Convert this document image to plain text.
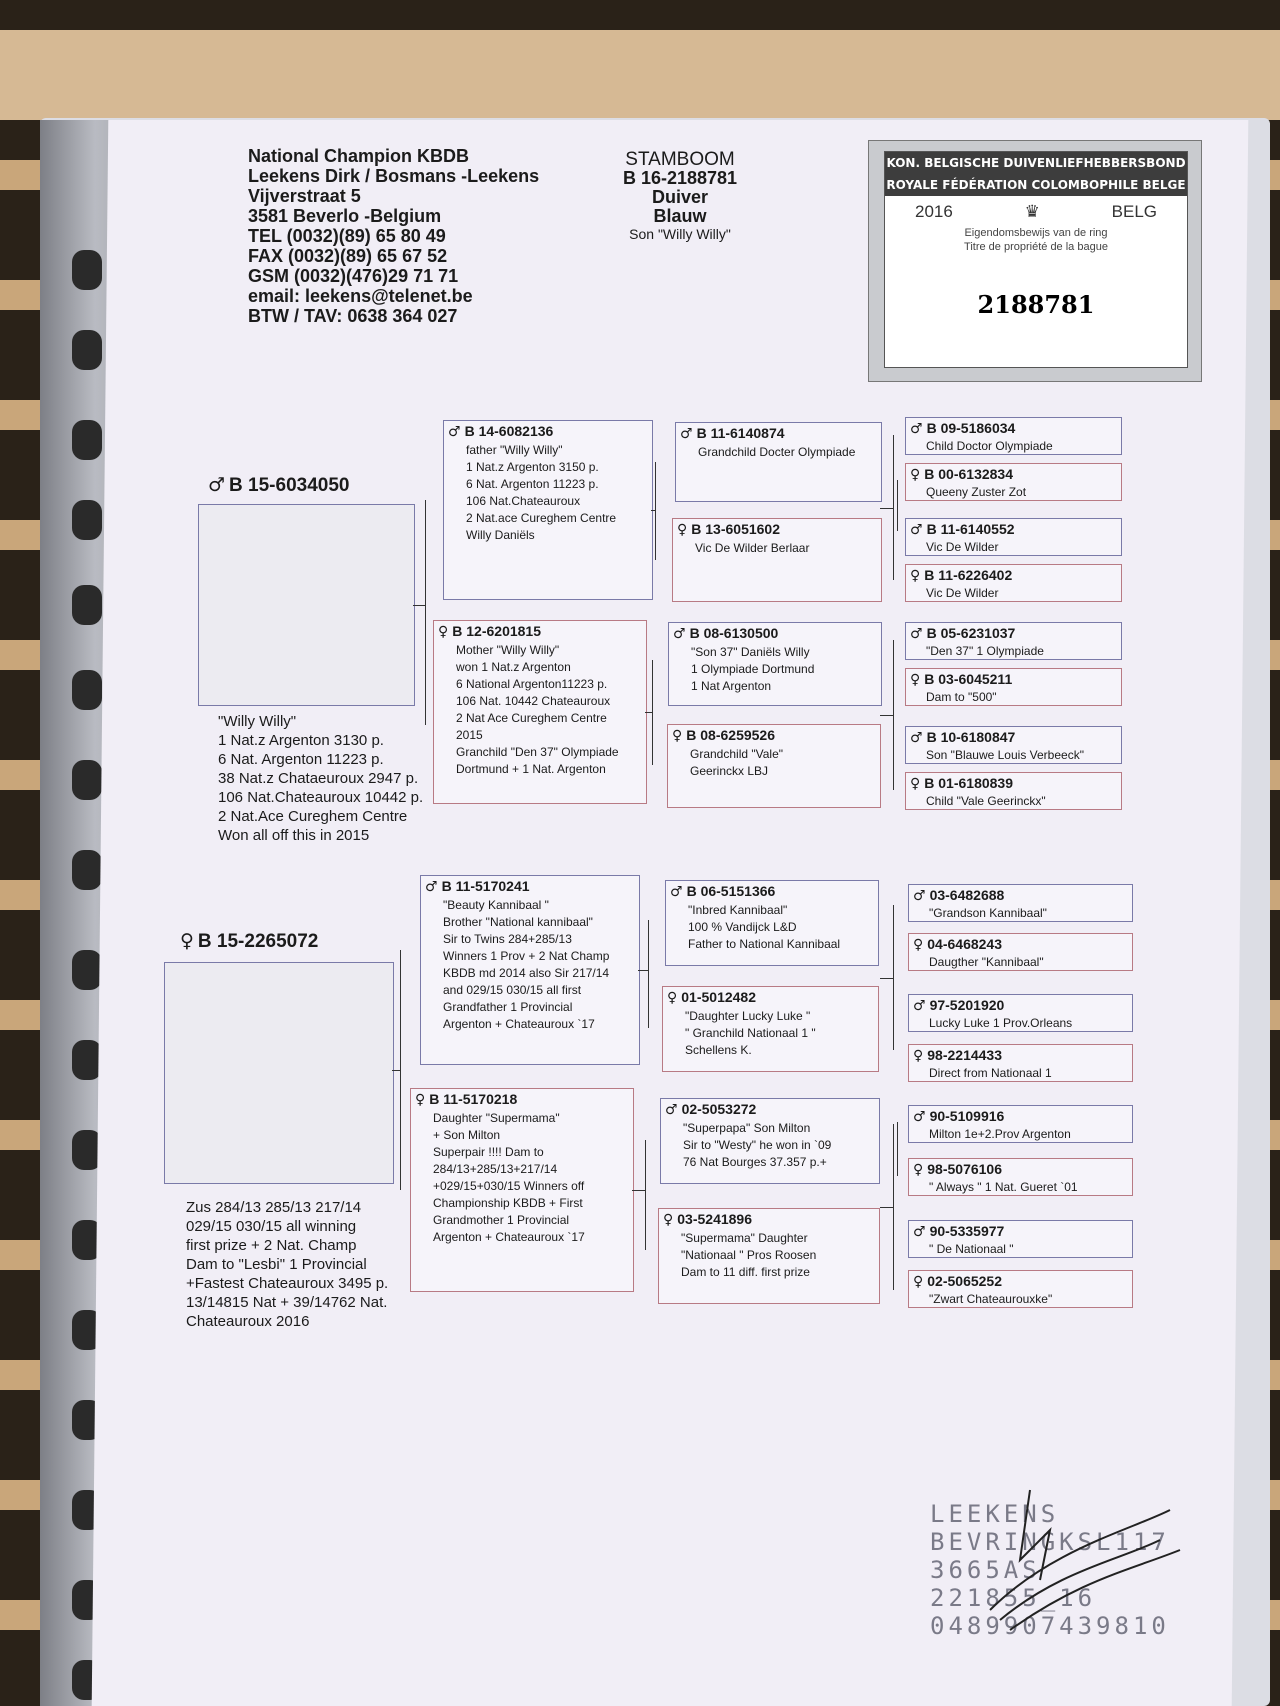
National Champion KBDB
Leekens Dirk / Bosmans -Leekens
Vijverstraat 5
3581 Beverlo -Belgium
TEL (0032)(89) 65 80 49
FAX (0032)(89) 65 67 52
GSM (0032)(476)29 71 71
email: leekens@telenet.be
BTW / TAV: 0638 364 027
STAMBOOM
B 16-2188781
Duiver
Blauw
Son "Willy Willy"
KON. BELGISCHE DUIVENLIEFHEBBERSBOND
ROYALE FÉDÉRATION COLOMBOPHILE BELGE
2016	♛	BELG
Eigendomsbewijs van de ring
Titre de propriété de la bague
2188781
♂ B 15-6034050
"Willy Willy"
1 Nat.z Argenton 3130 p.
6 Nat. Argenton 11223 p.
38 Nat.z Chataeuroux 2947 p.
106 Nat.Chateauroux 10442 p.
2 Nat.Ace Cureghem Centre
Won all off this in 2015
♀ B 15-2265072
Zus 284/13 285/13 217/14
029/15 030/15 all winning
first prize + 2 Nat. Champ
Dam to "Lesbi" 1 Provincial
+Fastest Chateauroux 3495 p.
13/14815 Nat + 39/14762 Nat.
Chateauroux 2016
♂ B 14-6082136
father "Willy Willy"
1 Nat.z Argenton 3150 p.
6 Nat. Argenton 11223 p.
106 Nat.Chateauroux
2 Nat.ace Cureghem Centre
Willy Daniëls
♀ B 12-6201815
Mother "Willy Willy"
won 1 Nat.z Argenton
6 National Argenton11223 p.
106 Nat. 10442 Chateauroux
2 Nat Ace Cureghem Centre
2015
Granchild "Den 37" Olympiade
Dortmund + 1 Nat. Argenton
♂ B 11-5170241
"Beauty Kannibaal "
Brother "National kannibaal"
Sir to Twins 284+285/13
Winners 1 Prov + 2 Nat Champ
KBDB md 2014 also Sir 217/14
and 029/15 030/15 all first
Grandfather 1 Provincial
Argenton + Chateauroux `17
♀ B 11-5170218
Daughter "Supermama"
+ Son Milton
Superpair !!!! Dam to
284/13+285/13+217/14
+029/15+030/15 Winners off
Championship KBDB + First
Grandmother 1 Provincial
Argenton + Chateauroux `17
♂ B 11-6140874
Grandchild Docter Olympiade
♀ B 13-6051602
Vic De Wilder Berlaar
♂ B 08-6130500
"Son 37" Daniëls Willy
1 Olympiade Dortmund
1 Nat Argenton
♀ B 08-6259526
Grandchild "Vale"
Geerinckx LBJ
♂ B 06-5151366
"Inbred Kannibaal"
100 % Vandijck L&D
Father to National Kannibaal
♀ 01-5012482
"Daughter Lucky Luke "
" Granchild Nationaal 1 "
Schellens K.
♂ 02-5053272
"Superpapa" Son Milton
Sir to "Westy" he won in `09
76 Nat Bourges 37.357 p.+
♀ 03-5241896
"Supermama" Daughter
"Nationaal " Pros Roosen
Dam to 11 diff. first prize
♂ B 09-5186034
Child Doctor Olympiade
♀ B 00-6132834
Queeny Zuster Zot
♂ B 11-6140552
Vic De Wilder
♀ B 11-6226402
Vic De Wilder
♂ B 05-6231037
"Den 37" 1 Olympiade
♀ B 03-6045211
Dam to "500"
♂ B 10-6180847
Son "Blauwe Louis Verbeeck"
♀ B 01-6180839
Child "Vale Geerinckx"
♂ 03-6482688
"Grandson Kannibaal"
♀ 04-6468243
Daugther "Kannibaal"
♂ 97-5201920
Lucky Luke 1 Prov.Orleans
♀ 98-2214433
Direct from Nationaal 1
♂ 90-5109916
Milton 1e+2.Prov Argenton
♀ 98-5076106
" Always " 1 Nat. Gueret `01
♂ 90-5335977
" De Nationaal "
♀ 02-5065252
"Zwart Chateaurouxke"
LEEKENS
BEVRINGKSL117
3665AS 221855_16
0489907439810
